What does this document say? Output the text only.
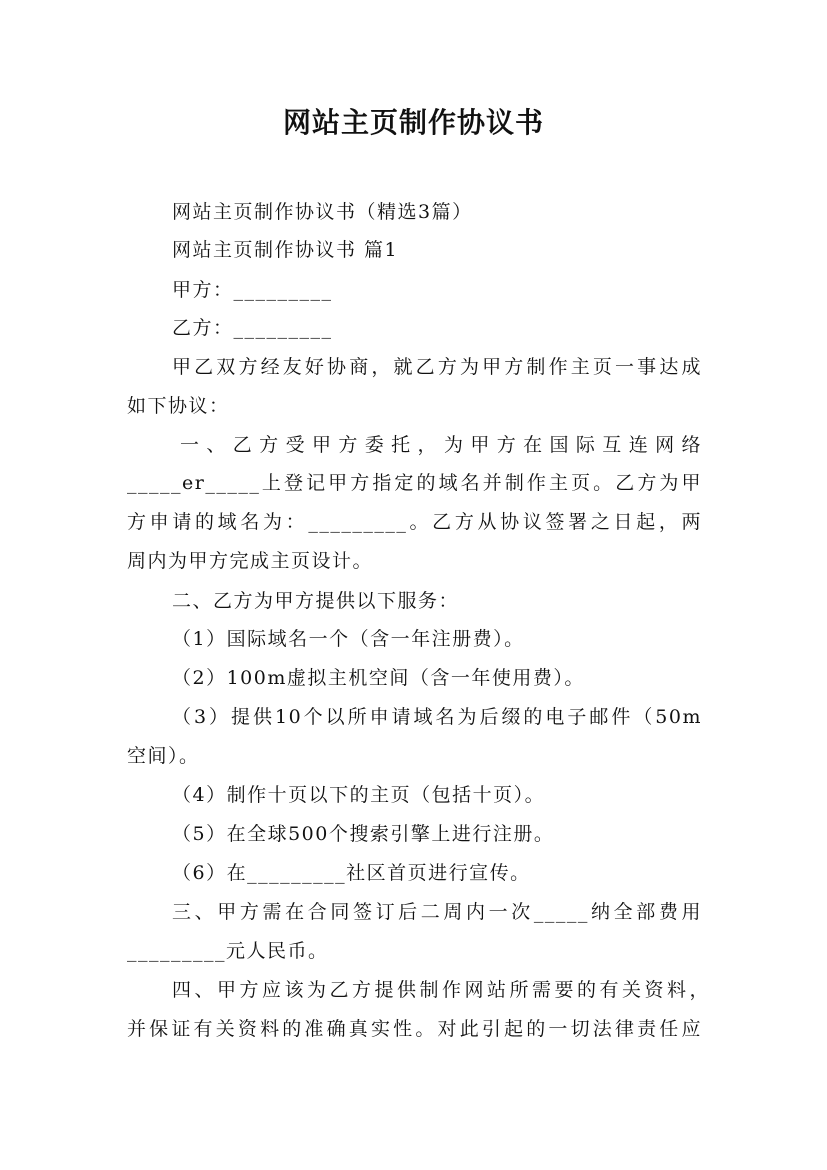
网站主页制作协议书
网站主页制作协议书（精选3篇）
网站主页制作协议书 篇1
甲方：_________
乙方：_________
甲乙双方经友好协商，就乙方为甲方制作主页一事达成
如下协议：
一、乙方受甲方委托，为甲方在国际互连网络
_____er_____上登记甲方指定的域名并制作主页。乙方为甲
方申请的域名为：_________。乙方从协议签署之日起，两
周内为甲方完成主页设计。
二、乙方为甲方提供以下服务：
（1）国际域名一个（含一年注册费）。
（2）100m虚拟主机空间（含一年使用费）。
（3）提供10个以所申请域名为后缀的电子邮件（50m
空间）。
（4）制作十页以下的主页（包括十页）。
（5）在全球500个搜索引擎上进行注册。
（6）在_________社区首页进行宣传。
三、甲方需在合同签订后二周内一次_____纳全部费用
_________元人民币。
四、甲方应该为乙方提供制作网站所需要的有关资料，
并保证有关资料的准确真实性。对此引起的一切法律责任应
